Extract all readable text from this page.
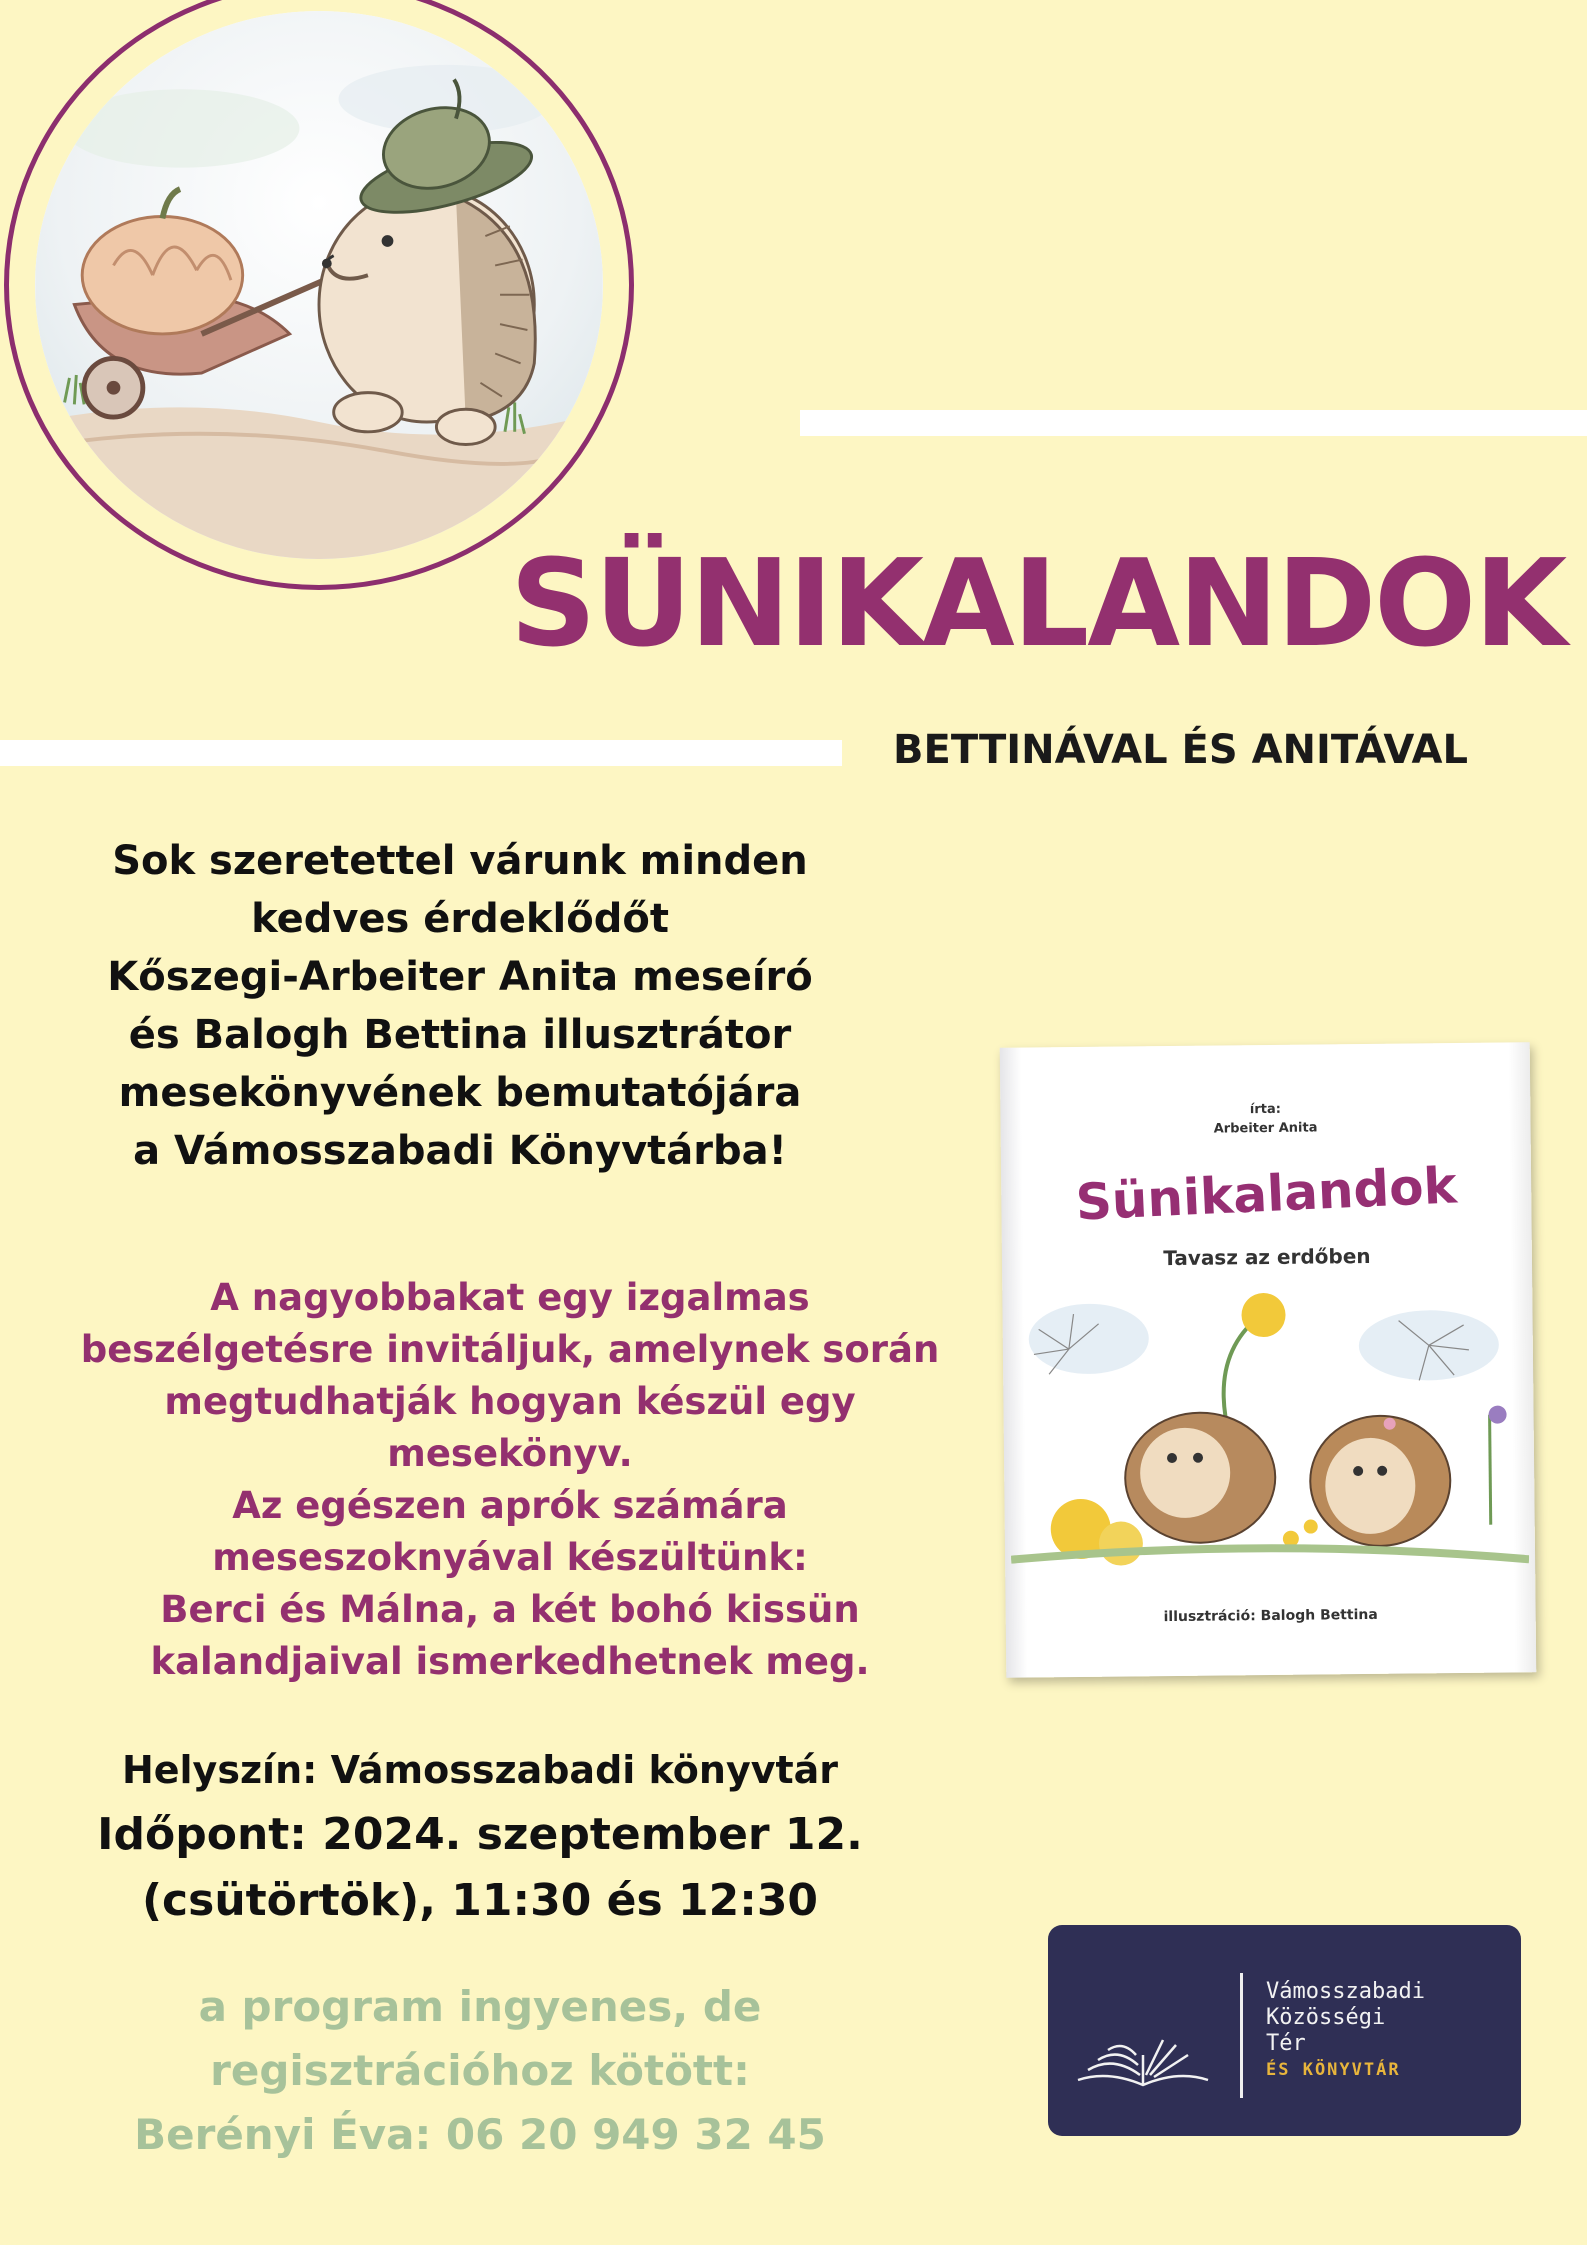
SÜNIKALANDOK
BETTINÁVAL ÉS ANITÁVAL
Sok szeretettel várunk minden
kedves érdeklődőt
Kőszegi-Arbeiter Anita meseíró
és Balogh Bettina illusztrátor
mesekönyvének bemutatójára
a Vámosszabadi Könyvtárba!
A nagyobbakat egy izgalmas
beszélgetésre invitáljuk, amelynek során
megtudhatják hogyan készül egy
mesekönyv.
Az egészen aprók számára
meseszoknyával készültünk:
Berci és Málna, a két bohó kissün
kalandjaival ismerkedhetnek meg.
Helyszín: Vámosszabadi könyvtár
Időpont: 2024. szeptember 12.
(csütörtök), 11:30 és 12:30
a program ingyenes, de
regisztrációhoz kötött:
Berényi Éva: 06 20 949 32 45
írta:
Arbeiter Anita
Sünikalandok
Tavasz az erdőben
illusztráció: Balogh Bettina
Vámosszabadi
Közösségi
Tér
ÉS KÖNYVTÁR
